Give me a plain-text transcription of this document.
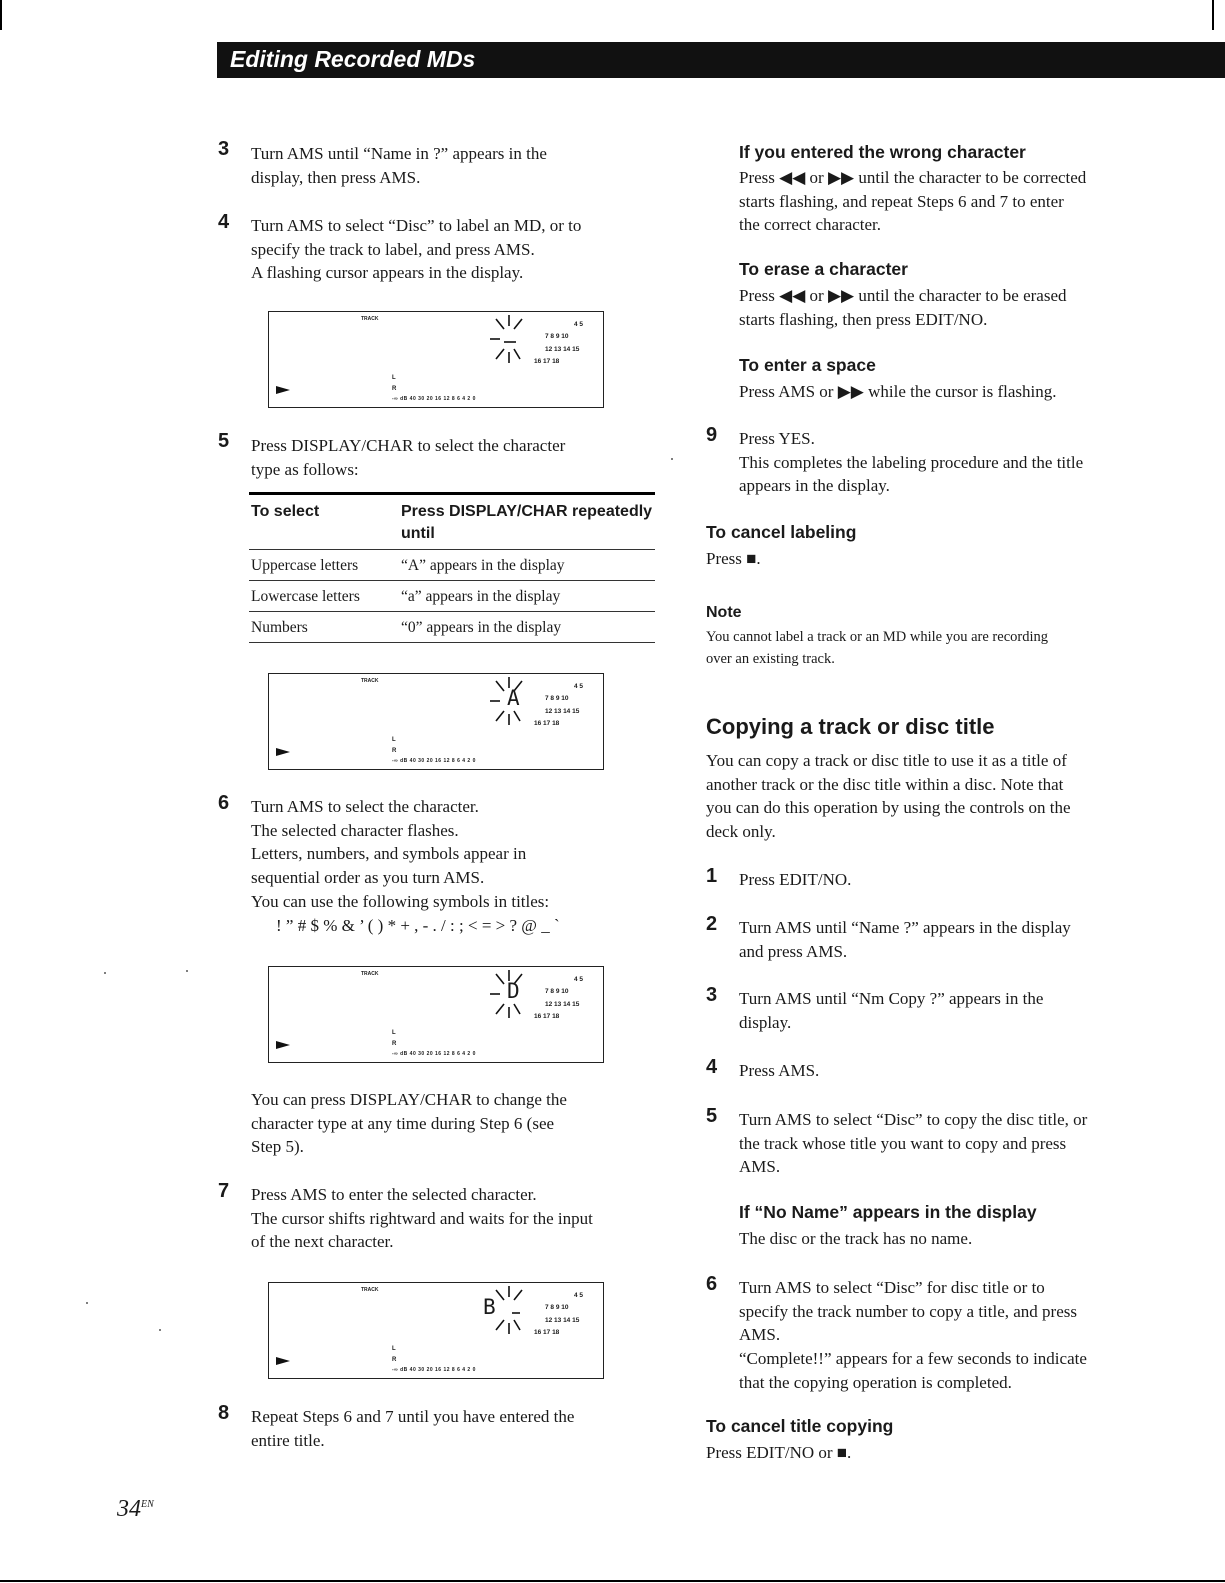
Editing Recorded MDs
3 Turn AMS until “Name in ?” appears in the
display, then press AMS.
4 Turn AMS to select “Disc” to label an MD, or to
specify the track to label, and press AMS.
A flashing cursor appears in the display.
TRACK
4 5
7 8 9 10
12 13 14 15
16 17 18
L
R
-∞ dB 40 30 20 16 12 8 6 4 2 0
5 Press DISPLAY/CHAR to select the character
type as follows:
To select	Press DISPLAY/CHAR repeatedly
until

Uppercase letters	“A” appears in the display
Lowercase letters	“a” appears in the display
Numbers	“0” appears in the display
TRACK
A	4 5
7 8 9 10
12 13 14 15
16 17 18
L
R
-∞ dB 40 30 20 16 12 8 6 4 2 0
6 Turn AMS to select the character.
The selected character flashes.
Letters, numbers, and symbols appear in
sequential order as you turn AMS.
You can use the following symbols in titles:
! ” # $ % & ’ ( ) * + , - . / : ; < = > ? @ _ `
TRACK
D	4 5
7 8 9 10
12 13 14 15
16 17 18
L
R
-∞ dB 40 30 20 16 12 8 6 4 2 0
You can press DISPLAY/CHAR to change the
character type at any time during Step 6 (see
Step 5).
7 Press AMS to enter the selected character.
The cursor shifts rightward and waits for the input
of the next character.
TRACK
B	4 5
7 8 9 10
12 13 14 15
16 17 18
L
R
-∞ dB 40 30 20 16 12 8 6 4 2 0
8 Repeat Steps 6 and 7 until you have entered the
entire title.
If you entered the wrong character
Press ◀◀ or ▶▶ until the character to be corrected
starts flashing, and repeat Steps 6 and 7 to enter
the correct character.
To erase a character
Press ◀◀ or ▶▶ until the character to be erased
starts flashing, then press EDIT/NO.
To enter a space
Press AMS or ▶▶ while the cursor is flashing.
9 Press YES.
This completes the labeling procedure and the title
appears in the display.
To cancel labeling
Press ■.
Note
You cannot label a track or an MD while you are recording
over an existing track.
Copying a track or disc title
You can copy a track or disc title to use it as a title of
another track or the disc title within a disc. Note that
you can do this operation by using the controls on the
deck only.
1 Press EDIT/NO.
2 Turn AMS until “Name ?” appears in the display
and press AMS.
3 Turn AMS until “Nm Copy ?” appears in the
display.
4 Press AMS.
5 Turn AMS to select “Disc” to copy the disc title, or
the track whose title you want to copy and press
AMS.
If “No Name” appears in the display
The disc or the track has no name.
6 Turn AMS to select “Disc” for disc title or to
specify the track number to copy a title, and press
AMS.
“Complete!!” appears for a few seconds to indicate
that the copying operation is completed.
To cancel title copying
Press EDIT/NO or ■.
$34^{EN}$
